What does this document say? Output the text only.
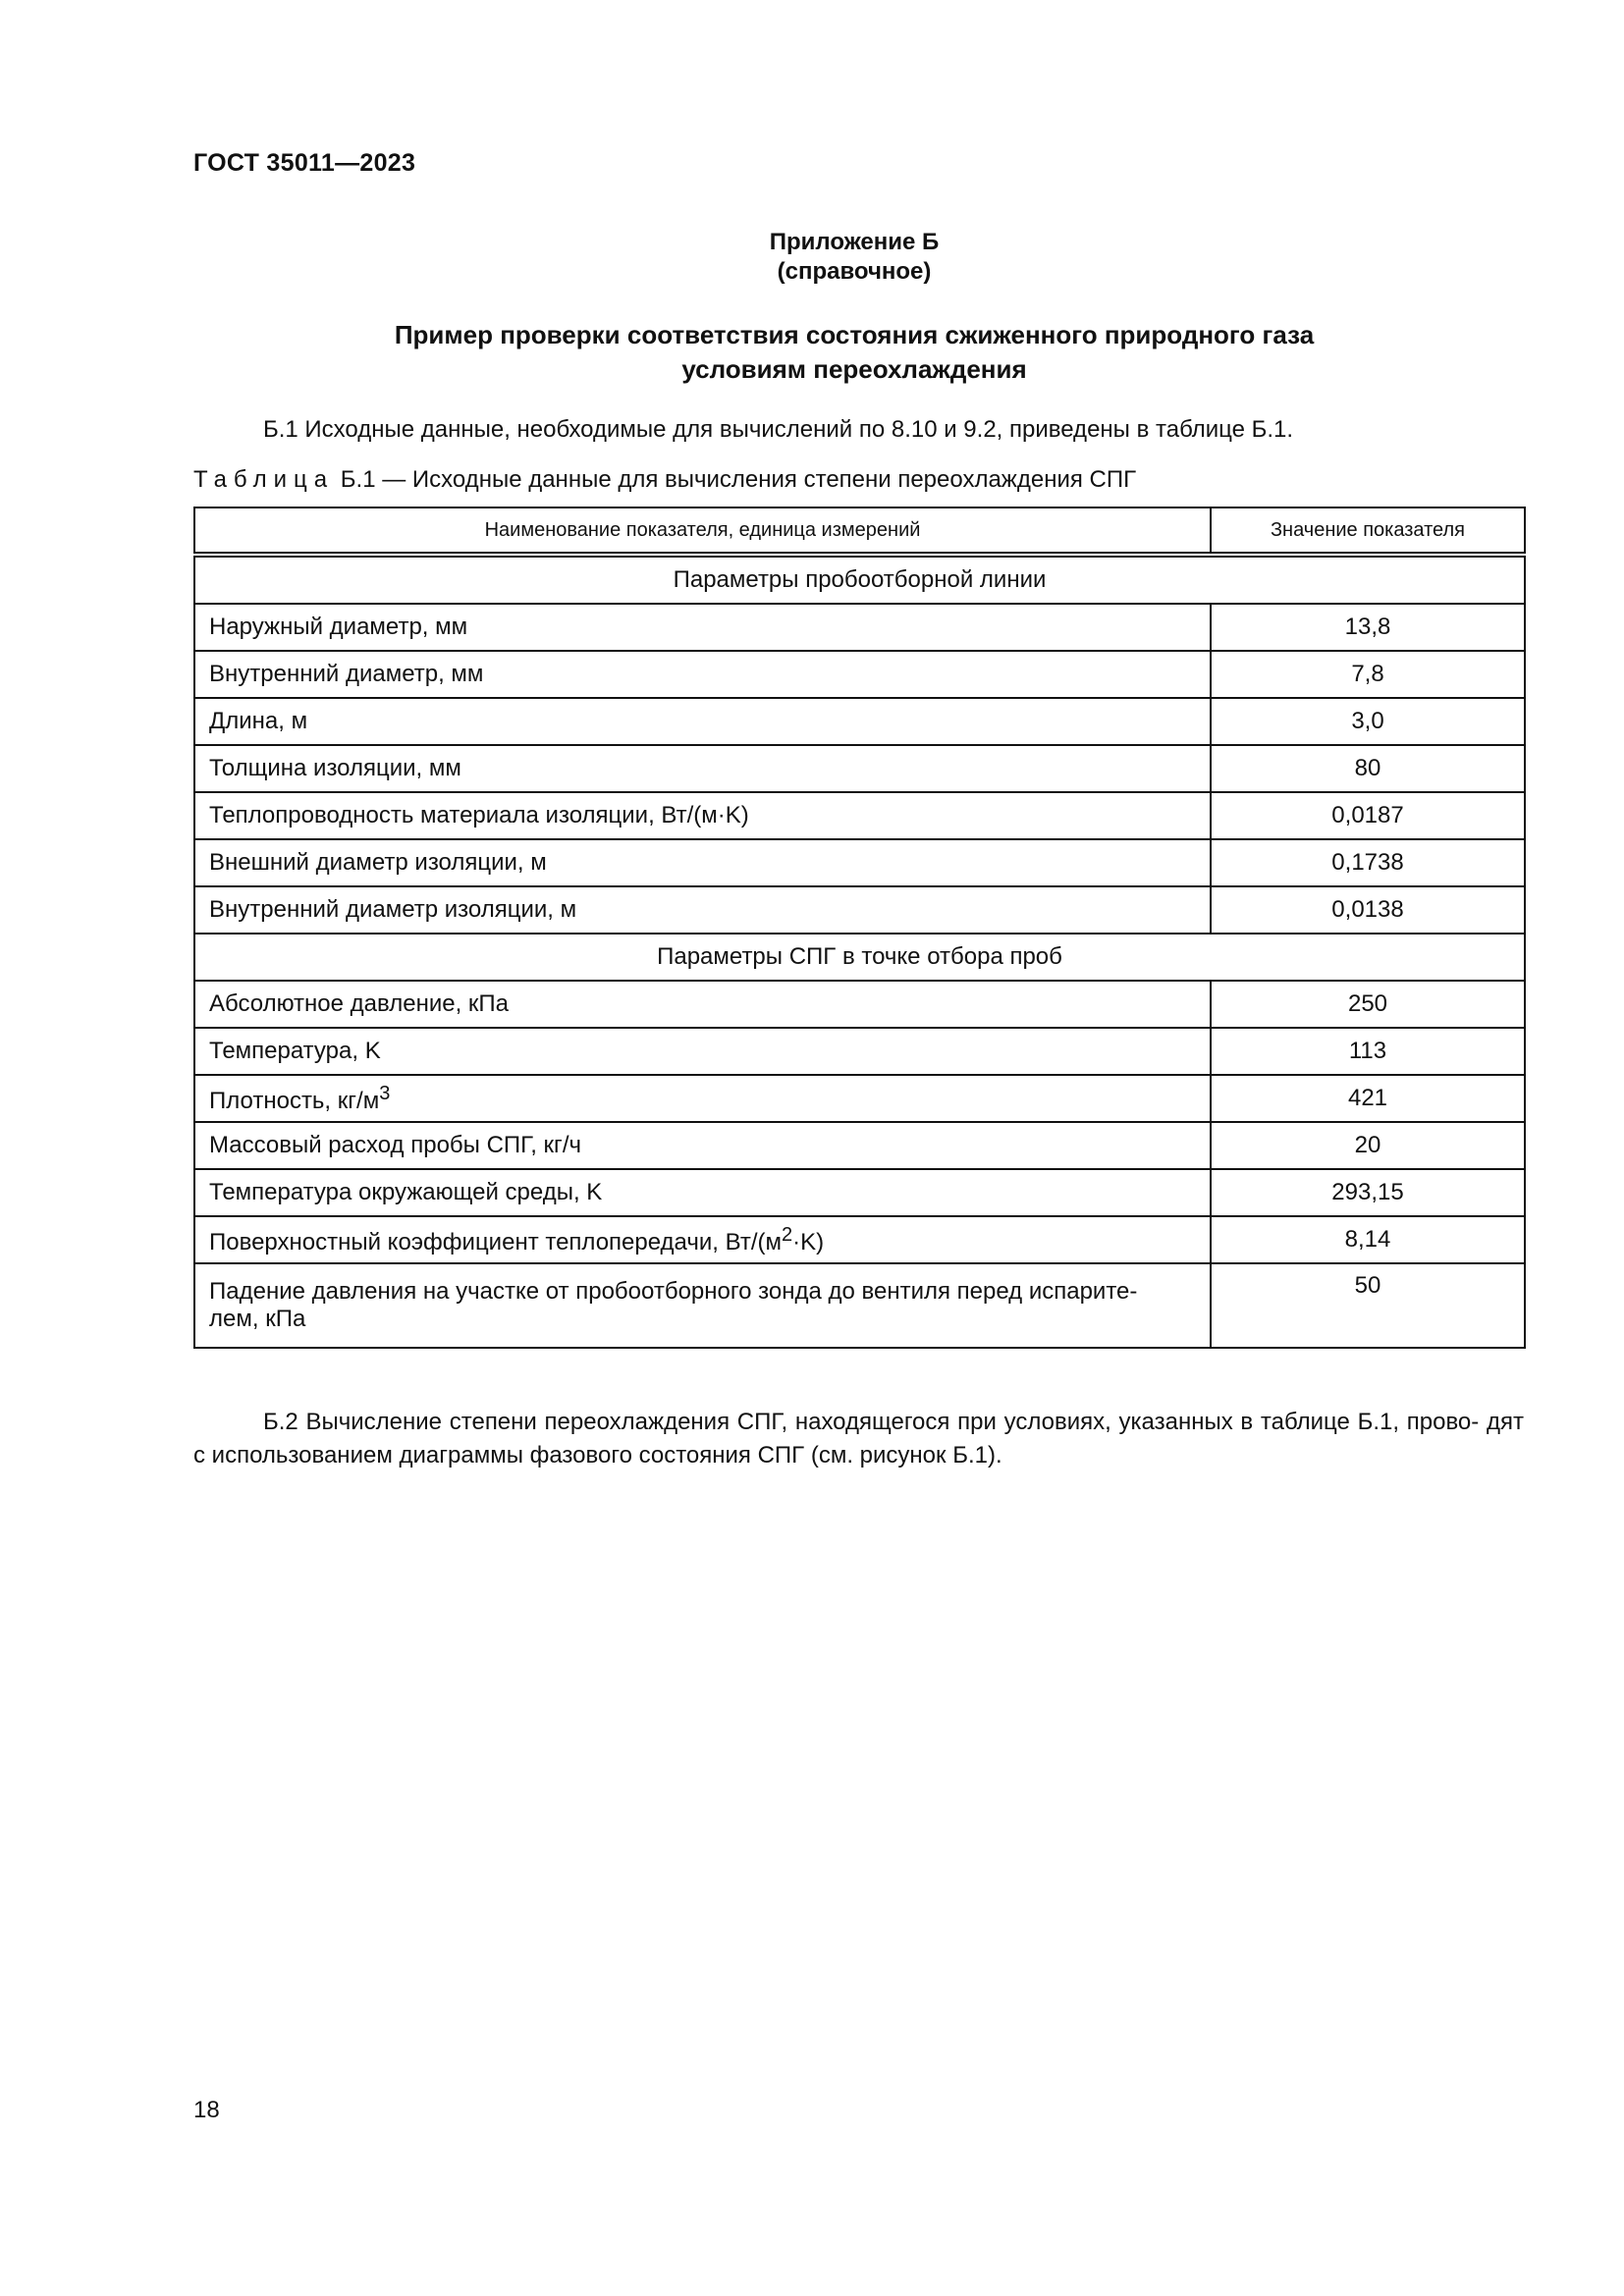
ГОСТ 35011—2023
Приложение Б
(справочное)
Пример проверки соответствия состояния сжиженного природного газа
условиям переохлаждения
Б.1 Исходные данные, необходимые для вычислений по 8.10 и 9.2, приведены в таблице Б.1.
Таблица Б.1 — Исходные данные для вычисления степени переохлаждения СПГ
Наименование показателя, единица измерений	Значение показателя
Параметры пробоотборной линии	
Наружный диаметр, мм	13,8
Внутренний диаметр, мм	7,8
Длина, м	3,0
Толщина изоляции, мм	80
Теплопроводность материала изоляции, Вт/(м·K)	0,0187
Внешний диаметр изоляции, м	0,1738
Внутренний диаметр изоляции, м	0,0138
Параметры СПГ в точке отбора проб	
Абсолютное давление, кПа	250
Температура, K	113
Плотность, $кг/м^3$	421
Массовый расход пробы СПГ, кг/ч	20
Температура окружающей среды, K	293,15
Поверхностный коэффициент теплопередачи, $Вт/(м^2\cdot K)$	8,14
Падение давления на участке от пробоотборного зонда до вентиля перед испарите-
лем, кПа	50
Б.2 Вычисление степени переохлаждения СПГ, находящегося при условиях, указанных в таблице Б.1, прово- дят с использованием диаграммы фазового состояния СПГ (см. рисунок Б.1).
18
